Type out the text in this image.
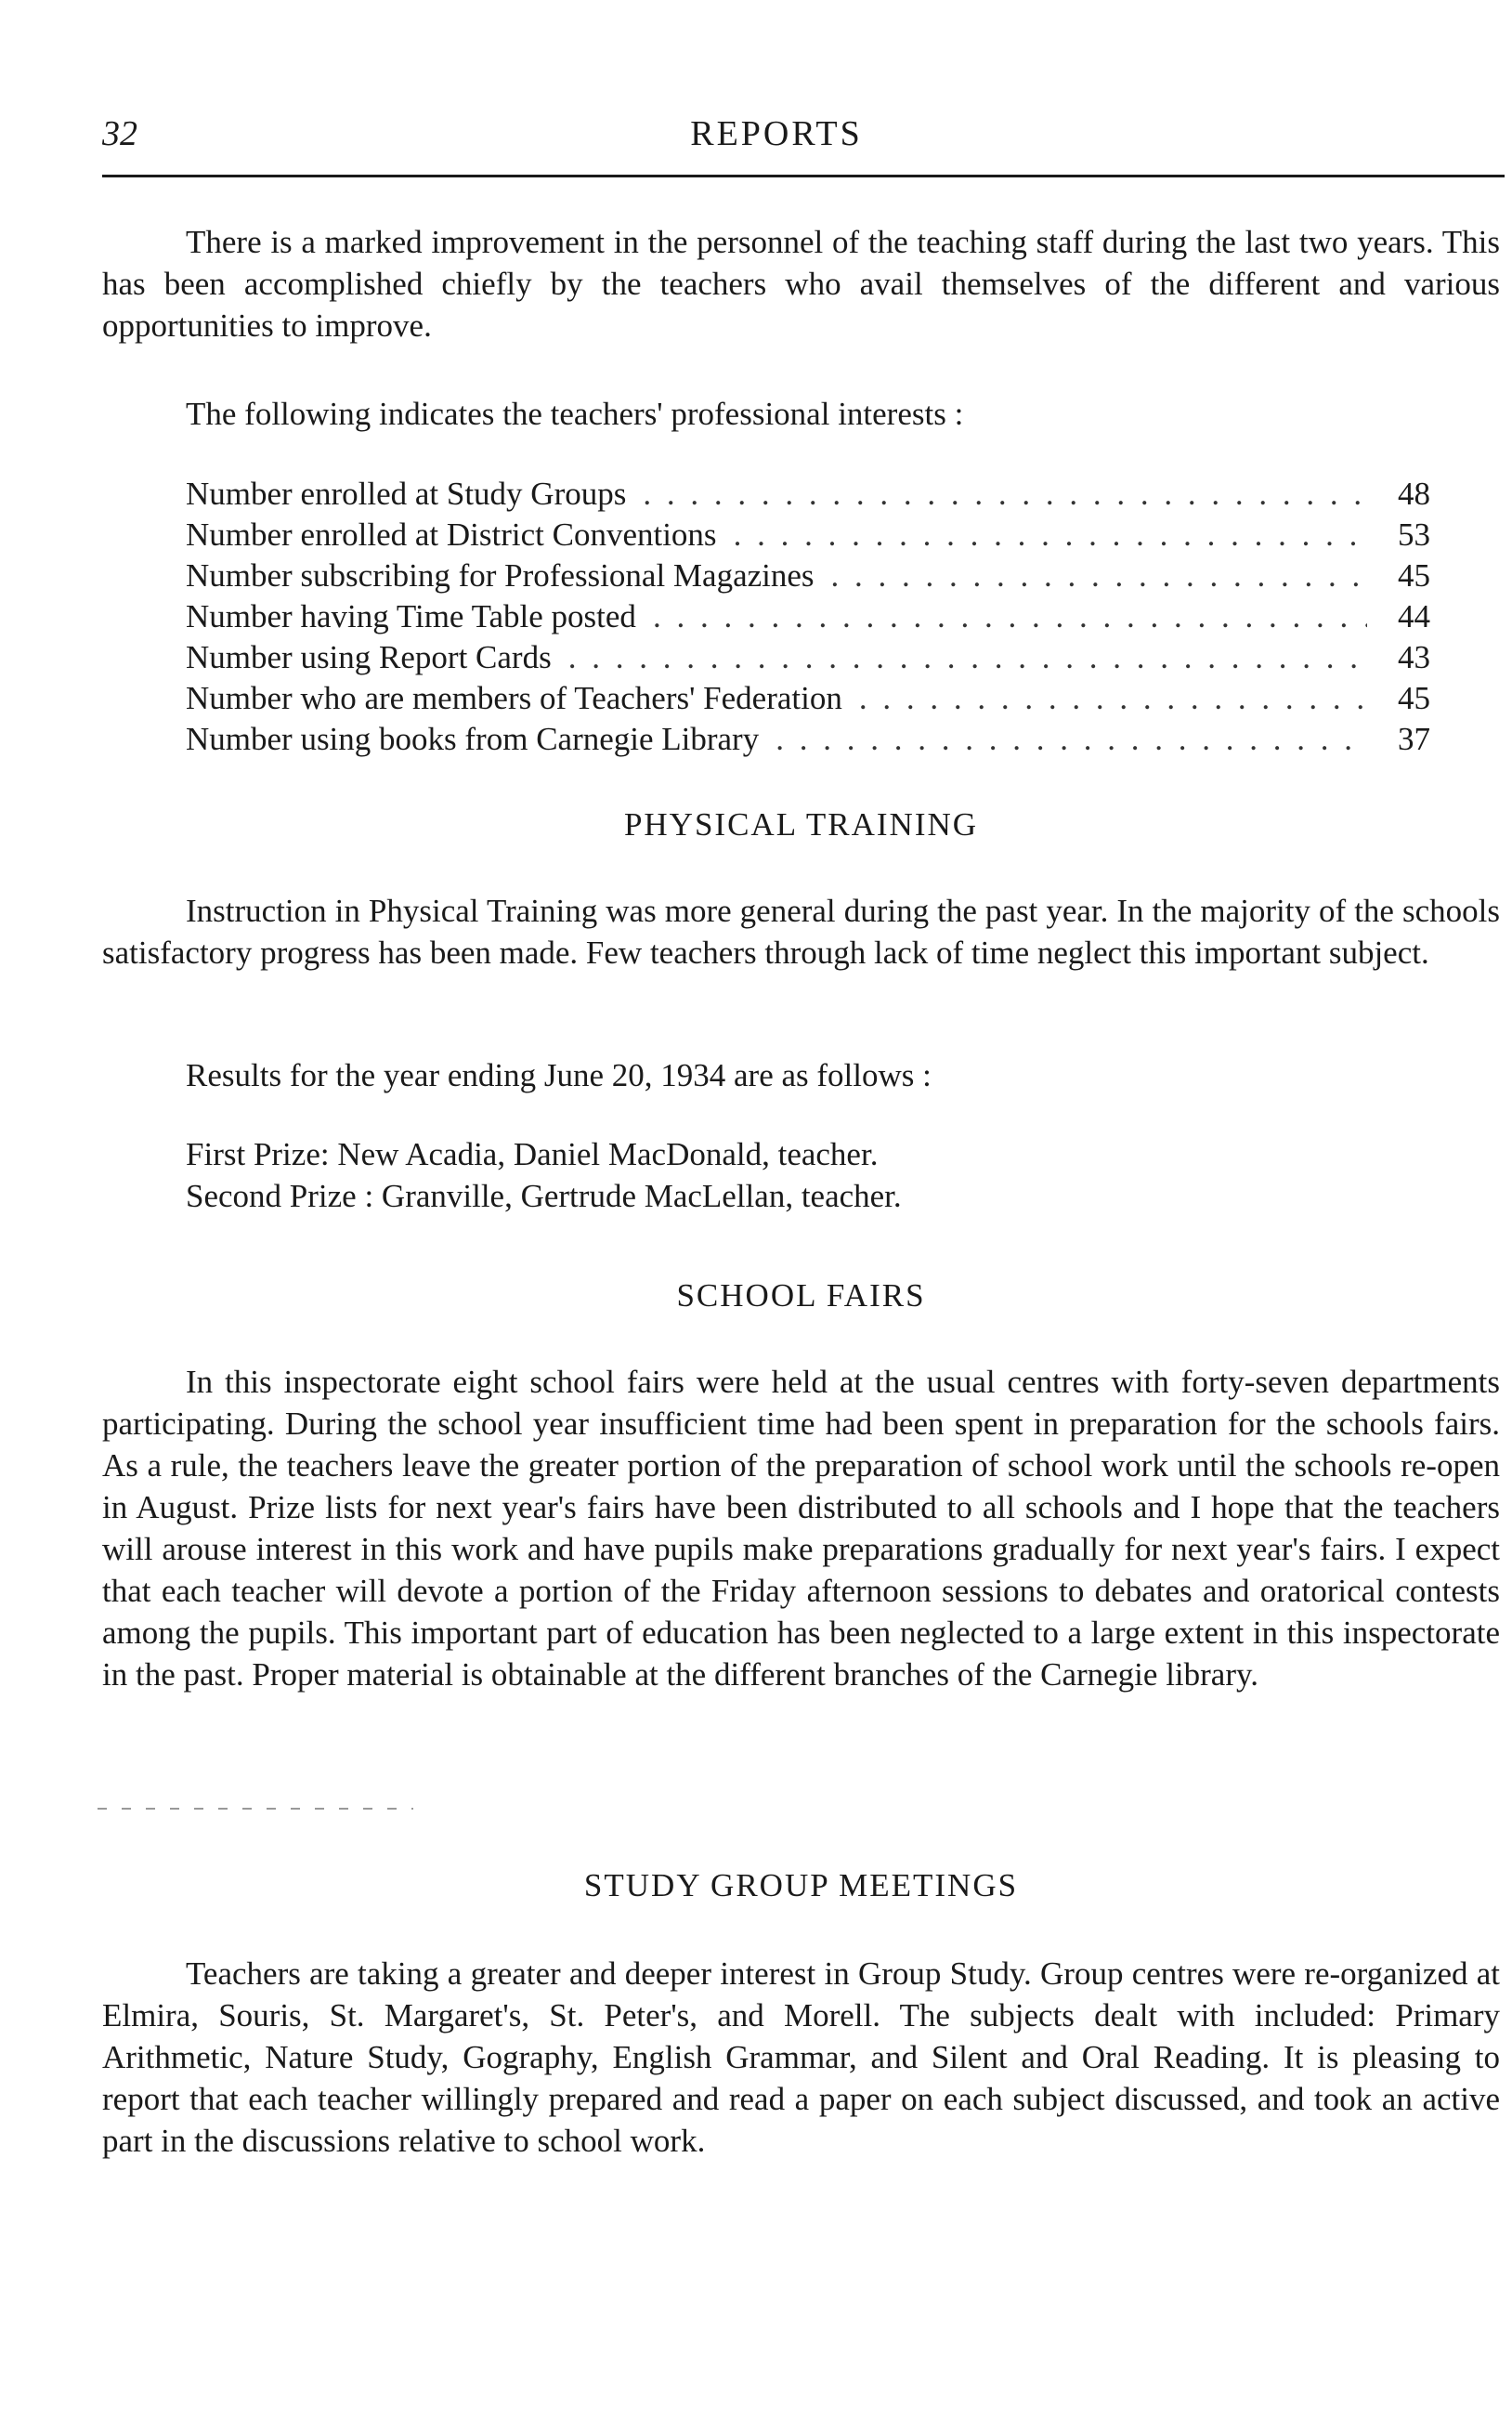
32	REPORTS

There is a marked improvement in the personnel of the teaching staff during the last two years. This has been accomplished chiefly by the teachers who avail themselves of the different and various opportunities to improve.

The following indicates the teachers' professional interests :

Number enrolled at Study Groups . . .	48
Number enrolled at District Conventions . . .	53
Number subscribing for Professional Magazines . . .	45
Number having Time Table posted . . .	44
Number using Report Cards . . .	43
Number who are members of Teachers' Federation . . .	45
Number using books from Carnegie Library . . .	37
PHYSICAL TRAINING

Instruction in Physical Training was more general during the past year. In the majority of the schools satisfactory progress has been made. Few teachers through lack of time neglect this important subject.

Results for the year ending June 20, 1934 are as follows :

First Prize: New Acadia, Daniel MacDonald, teacher.

Second Prize : Granville, Gertrude MacLellan, teacher.

SCHOOL FAIRS

In this inspectorate eight school fairs were held at the usual centres with forty-seven departments participating. During the school year insufficient time had been spent in preparation for the schools fairs. As a rule, the teachers leave the greater portion of the preparation of school work until the schools re-open in August. Prize lists for next year's fairs have been distributed to all schools and I hope that the teachers will arouse interest in this work and have pupils make preparations gradually for next year's fairs. I expect that each teacher will devote a portion of the Friday afternoon sessions to debates and oratorical contests among the pupils. This important part of education has been neglected to a large extent in this inspectorate in the past. Proper material is obtainable at the different branches of the Carnegie library.

STUDY GROUP MEETINGS

Teachers are taking a greater and deeper interest in Group Study. Group centres were re-organized at Elmira, Souris, St. Margaret's, St. Peter's, and Morell. The subjects dealt with included: Primary Arithmetic, Nature Study, Gography, English Grammar, and Silent and Oral Reading. It is pleasing to report that each teacher willingly prepared and read a paper on each subject discussed, and took an active part in the discussions relative to school work.
